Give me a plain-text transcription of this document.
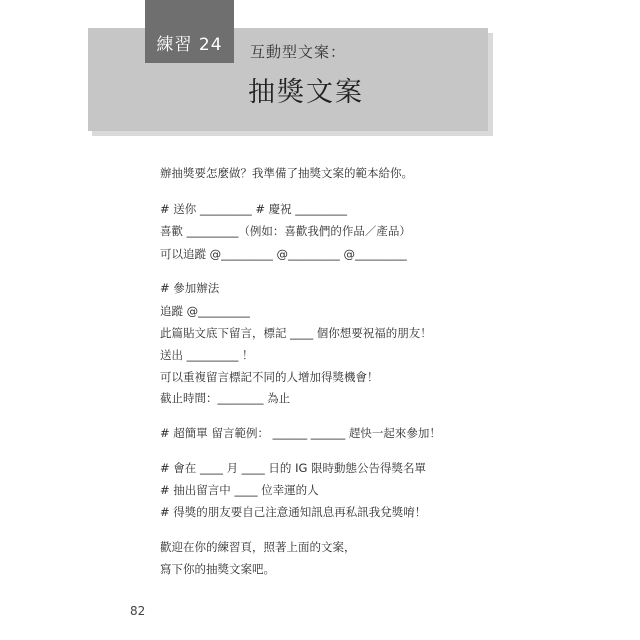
練習 24	互動型文案：
抽獎文案
辦抽獎要怎麼做？我準備了抽獎文案的範本給你。
# 送你 _________ # 慶祝 _________
喜歡 _________（例如：喜歡我們的作品／產品）
可以追蹤 @_________ @_________ @_________
# 參加辦法
追蹤 @_________
此篇貼文底下留言，標記 ____ 個你想要祝福的朋友！
送出 _________ ！
可以重複留言標記不同的人增加得獎機會！
截止時間：________ 為止
# 超簡單 留言範例： ______ ______ 趕快一起來參加！
# 會在 ____ 月 ____ 日的 IG 限時動態公告得獎名單
# 抽出留言中 ____ 位幸運的人
# 得獎的朋友要自己注意通知訊息再私訊我兌獎唷！
歡迎在你的練習頁，照著上面的文案，
寫下你的抽獎文案吧。
82
